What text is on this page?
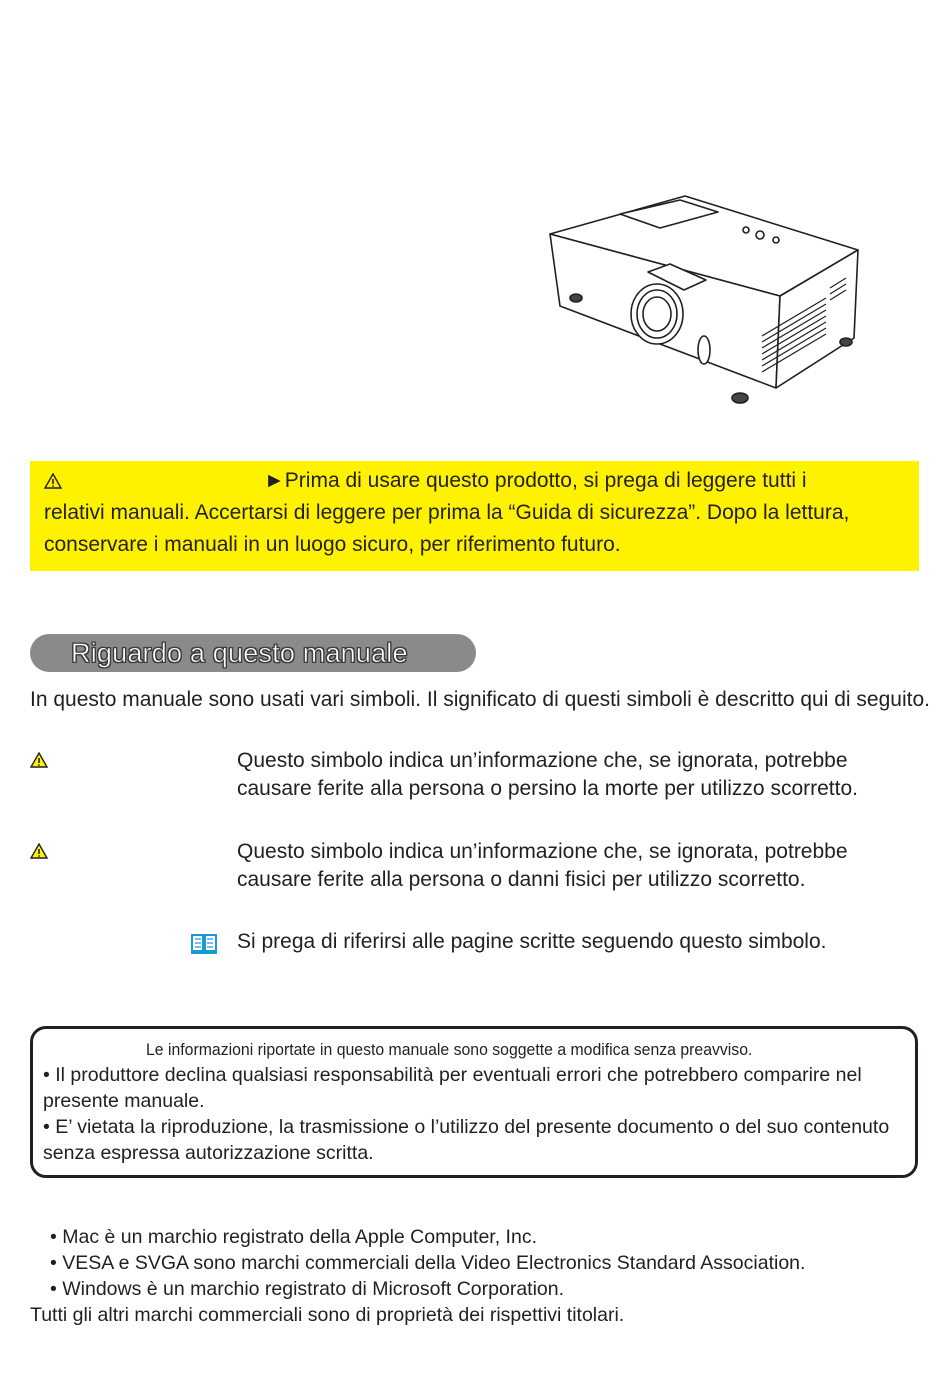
►Prima di usare questo prodotto, si prega di leggere tutti i
relativi manuali. Accertarsi di leggere per prima la “Guida di sicurezza”. Dopo la lettura, conservare i manuali in un luogo sicuro, per riferimento futuro.
Riguardo a questo manuale
In questo manuale sono usati vari simboli. Il significato di questi simboli è descritto qui di seguito.
Questo simbolo indica un’informazione che, se ignorata, potrebbe causare ferite alla persona o persino la morte per utilizzo scorretto.
Questo simbolo indica un’informazione che, se ignorata, potrebbe causare ferite alla persona o danni fisici per utilizzo scorretto.
Si prega di riferirsi alle pagine scritte seguendo questo simbolo.
Le informazioni riportate in questo manuale sono soggette a modifica senza preavviso.
• Il produttore declina qualsiasi responsabilità per eventuali errori che potrebbero comparire nel presente manuale.
• E’ vietata la riproduzione, la trasmissione o l’utilizzo del presente documento o del suo contenuto senza espressa autorizzazione scritta.
• Mac è un marchio registrato della Apple Computer, Inc.
• VESA e SVGA sono marchi commerciali della Video Electronics Standard Association.
• Windows è un marchio registrato di Microsoft Corporation.
Tutti gli altri marchi commerciali sono di proprietà dei rispettivi titolari.
